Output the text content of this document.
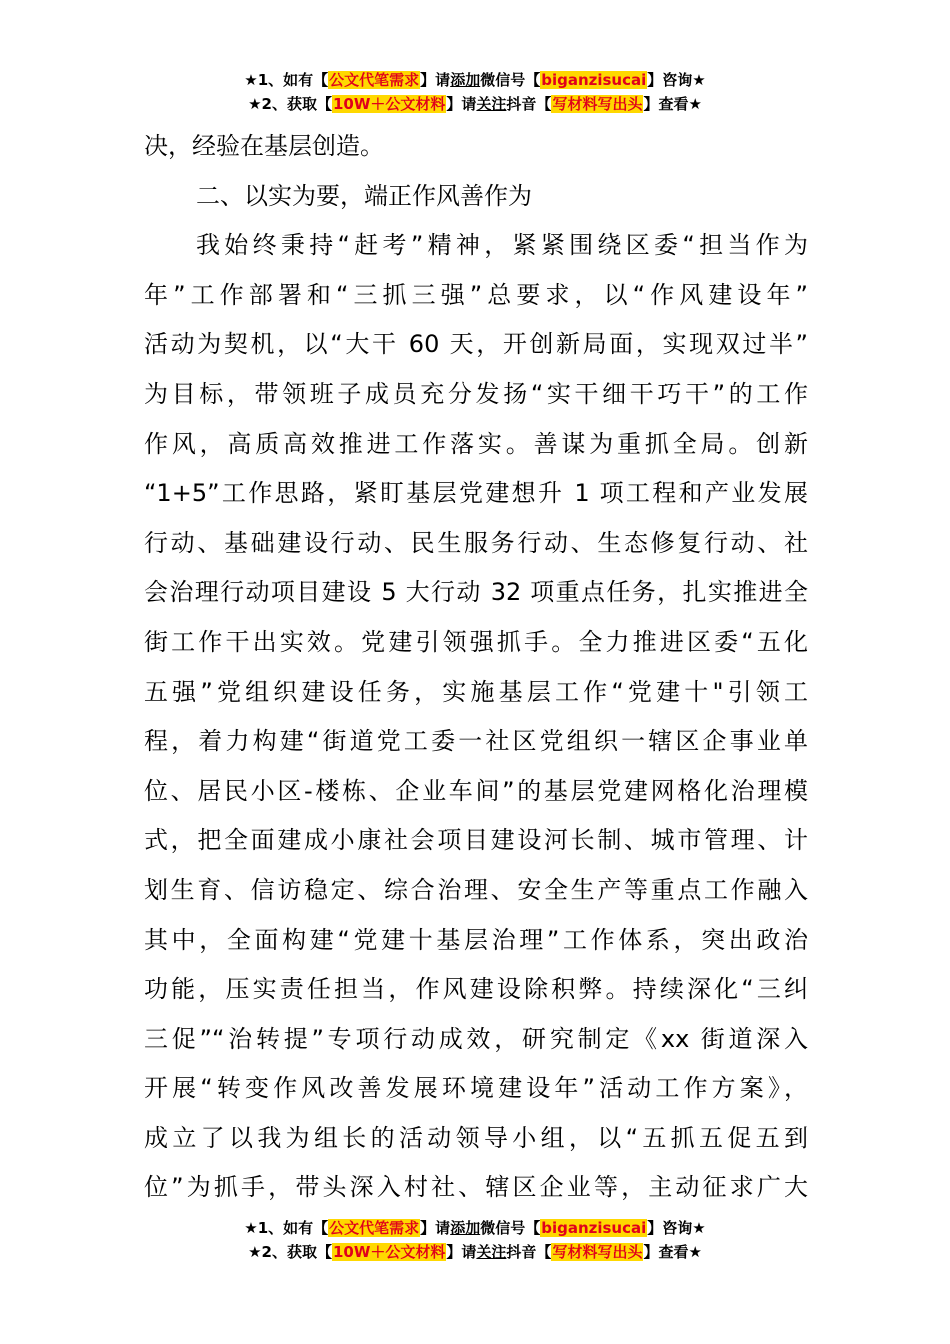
★1、如有【公文代笔需求】请添加微信号【biganzisucai】咨询★
★2、获取【10W＋公文材料】请关注抖音【写材料写出头】查看★

决，经验在基层创造。

二、以实为要，端正作风善作为

我始终秉持“赶考”精神，紧紧围绕区委“担当作为

年”工作部署和“三抓三强”总要求，以“作风建设年”

活动为契机，以“大干 60 天，开创新局面，实现双过半”

为目标，带领班子成员充分发扬“实干细干巧干”的工作

作风，高质高效推进工作落实。善谋为重抓全局。创新

“1+5”工作思路，紧盯基层党建想升 1 项工程和产业发展

行动、基础建设行动、民生服务行动、生态修复行动、社

会治理行动项目建设 5 大行动 32 项重点任务，扎实推进全

街工作干出实效。党建引领强抓手。全力推进区委“五化

五强”党组织建设任务，实施基层工作“党建十"引领工

程，着力构建“街道党工委一社区党组织一辖区企事业单

位、居民小区-楼栋、企业车间”的基层党建网格化治理模

式，把全面建成小康社会项目建设河长制、城市管理、计

划生育、信访稳定、综合治理、安全生产等重点工作融入

其中，全面构建“党建十基层治理”工作体系，突出政治

功能，压实责任担当，作风建设除积弊。持续深化“三纠

三促”“治转提”专项行动成效，研究制定《xx 街道深入

开展“转变作风改善发展环境建设年”活动工作方案》，

成立了以我为组长的活动领导小组，以“五抓五促五到

位”为抓手，带头深入村社、辖区企业等，主动征求广大

★1、如有【公文代笔需求】请添加微信号【biganzisucai】咨询★
★2、获取【10W＋公文材料】请关注抖音【写材料写出头】查看★
